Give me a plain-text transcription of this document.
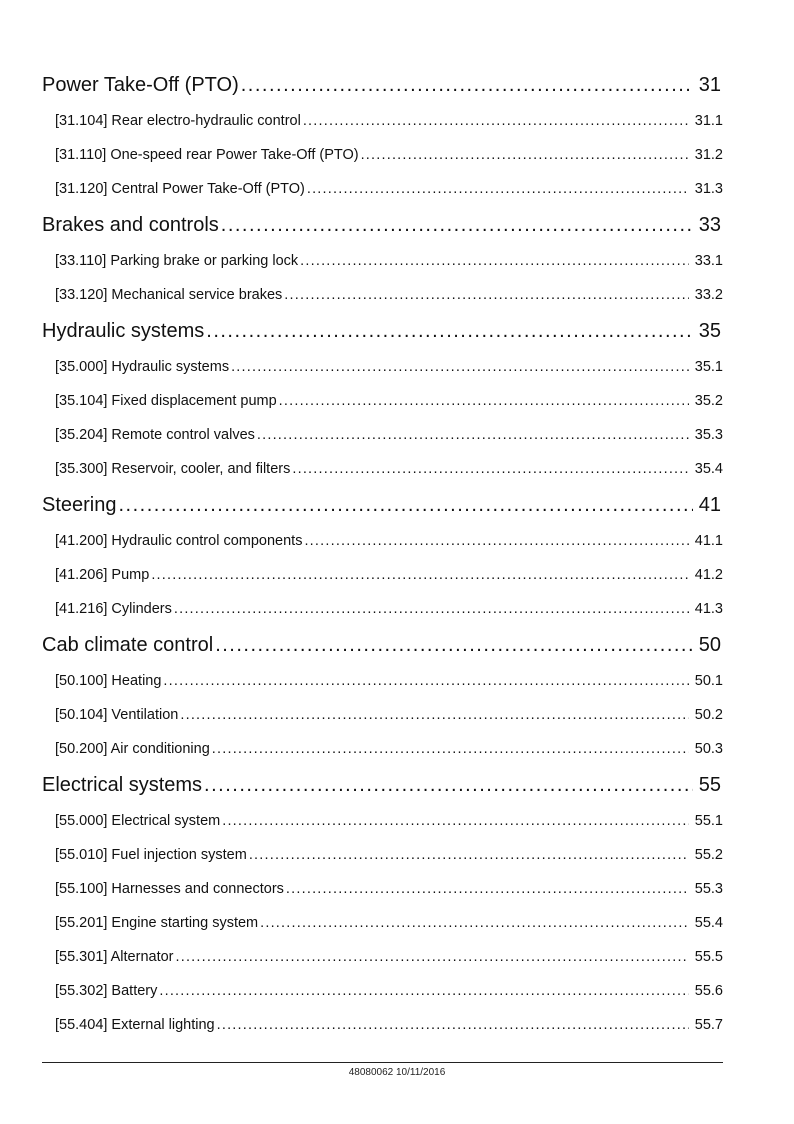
Power Take-Off (PTO) .....	31
[31.104] Rear electro-hydraulic control .....	31.1
[31.110] One-speed rear Power Take-Off (PTO) .....	31.2
[31.120] Central Power Take-Off (PTO) .....	31.3
Brakes and controls .....	33
[33.110] Parking brake or parking lock .....	33.1
[33.120] Mechanical service brakes .....	33.2
Hydraulic systems .....	35
[35.000] Hydraulic systems .....	35.1
[35.104] Fixed displacement pump .....	35.2
[35.204] Remote control valves .....	35.3
[35.300] Reservoir, cooler, and filters .....	35.4
Steering .....	41
[41.200] Hydraulic control components .....	41.1
[41.206] Pump .....	41.2
[41.216] Cylinders .....	41.3
Cab climate control .....	50
[50.100] Heating .....	50.1
[50.104] Ventilation .....	50.2
[50.200] Air conditioning .....	50.3
Electrical systems .....	55
[55.000] Electrical system .....	55.1
[55.010] Fuel injection system .....	55.2
[55.100] Harnesses and connectors .....	55.3
[55.201] Engine starting system .....	55.4
[55.301] Alternator .....	55.5
[55.302] Battery .....	55.6
[55.404] External lighting .....	55.7
48080062 10/11/2016
